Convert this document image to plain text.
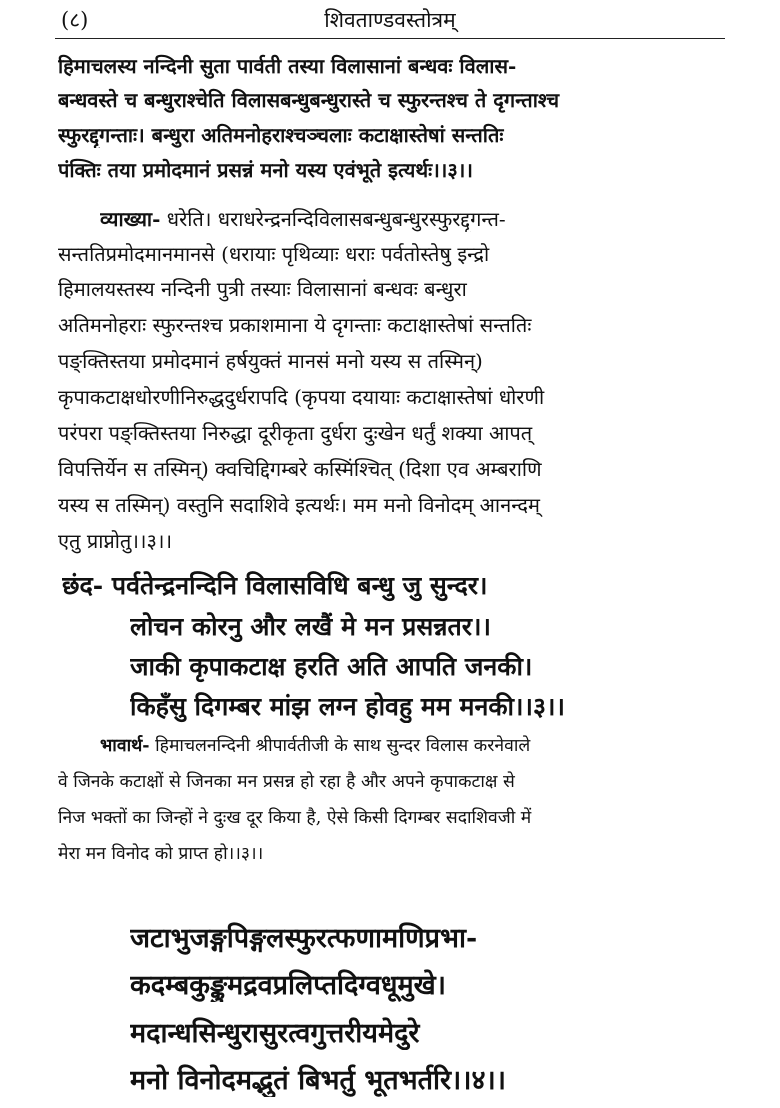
(८)	शिवताण्डवस्तोत्रम्
हिमाचलस्य नन्दिनी सुता पार्वती तस्या विलासानां बन्धवः विलास-
बन्धवस्ते च बन्धुराश्चेति विलासबन्धुबन्धुरास्ते च स्फुरन्तश्च ते दृगन्ताश्च
स्फुरद्दृगन्ताः। बन्धुरा अतिमनोहराश्चञ्चलाः कटाक्षास्तेषां सन्ततिः
पंक्तिः तया प्रमोदमानं प्रसन्नं मनो यस्य एवंभूते इत्यर्थः।।३।।
व्याख्या- धरेति। धराधरेन्द्रनन्दिविलासबन्धुबन्धुरस्फुरद्दृगन्त-
सन्ततिप्रमोदमानमानसे (धरायाः पृथिव्याः धराः पर्वतोस्तेषु इन्द्रो
हिमालयस्तस्य नन्दिनी पुत्री तस्याः विलासानां बन्धवः बन्धुरा
अतिमनोहराः स्फुरन्तश्च प्रकाशमाना ये दृगन्ताः कटाक्षास्तेषां सन्ततिः
पङ्क्तिस्तया प्रमोदमानं हर्षयुक्तं मानसं मनो यस्य स तस्मिन्)
कृपाकटाक्षधोरणीनिरुद्धदुर्धरापदि (कृपया दयायाः कटाक्षास्तेषां धोरणी
परंपरा पङ्क्तिस्तया निरुद्धा दूरीकृता दुर्धरा दुःखेन धर्तुं शक्या आपत्
विपत्तिर्येन स तस्मिन्) क्वचिद्दिगम्बरे कस्मिंश्चित् (दिशा एव अम्बराणि
यस्य स तस्मिन्) वस्तुनि सदाशिवे इत्यर्थः। मम मनो विनोदम् आनन्दम्
एतु प्राप्नोतु।।३।।
छंद- पर्वतेन्द्रनन्दिनि विलासविधि बन्धु जु सुन्दर।
लोचन कोरनु और लखैं मे मन प्रसन्नतर।।
जाकी कृपाकटाक्ष हरति अति आपति जनकी।
किहँसु दिगम्बर मांझ लग्न होवहु मम मनकी।।३।।
भावार्थ- हिमाचलनन्दिनी श्रीपार्वतीजी के साथ सुन्दर विलास करनेवाले
वे जिनके कटाक्षों से जिनका मन प्रसन्न हो रहा है और अपने कृपाकटाक्ष से
निज भक्तों का जिन्हों ने दुःख दूर किया है, ऐसे किसी दिगम्बर सदाशिवजी में
मेरा मन विनोद को प्राप्त हो।।३।।
जटाभुजङ्गपिङ्गलस्फुरत्फणामणिप्रभा-
कदम्बकुङ्कुमद्रवप्रलिप्तदिग्वधूमुखे।
मदान्धसिन्धुरासुरत्वगुत्तरीयमेदुरे
मनो विनोदमद्भुतं बिभर्तु भूतभर्तरि।।४।।
